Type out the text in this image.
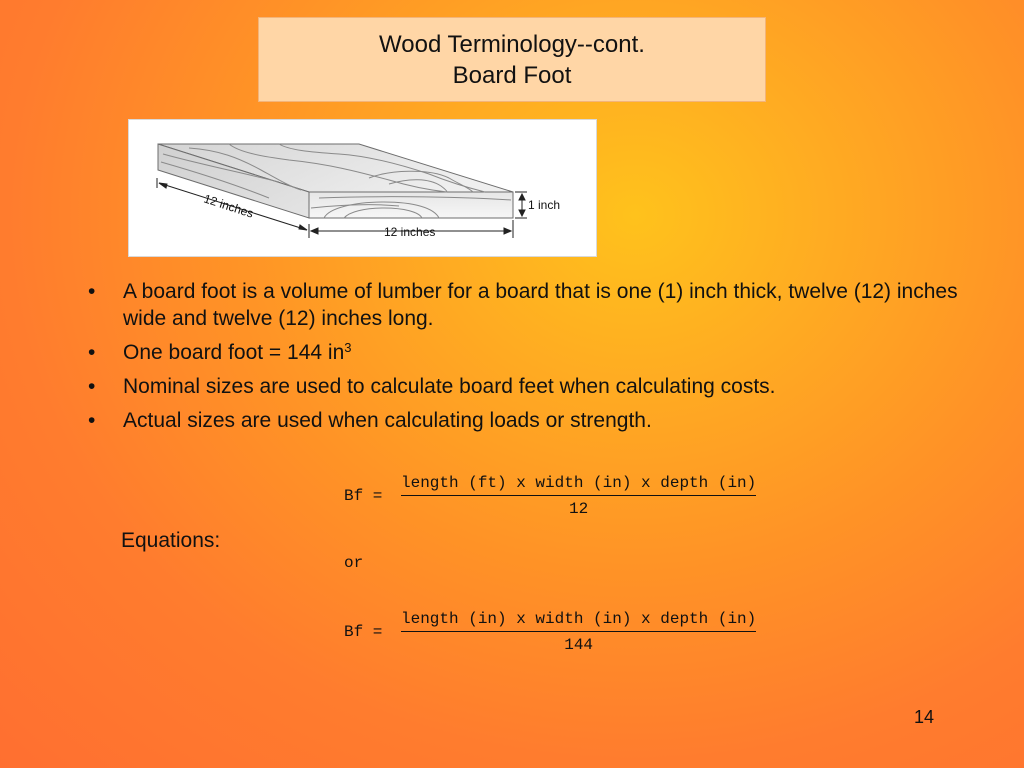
Wood Terminology--cont.
Board Foot
12 inches
12 inches
1 inch
• A board foot is a volume of lumber for a board that is one (1) inch thick, twelve (12) inches wide and twelve (12) inches long.
• One board foot = 144 $in^3$
• Nominal sizes are used to calculate board feet when calculating costs.
• Actual sizes are used when calculating loads or strength.
Equations:
Bf =
length (ft) x width (in) x depth (in)
12
or
Bf =
length (in) x width (in) x depth (in)
144
14
